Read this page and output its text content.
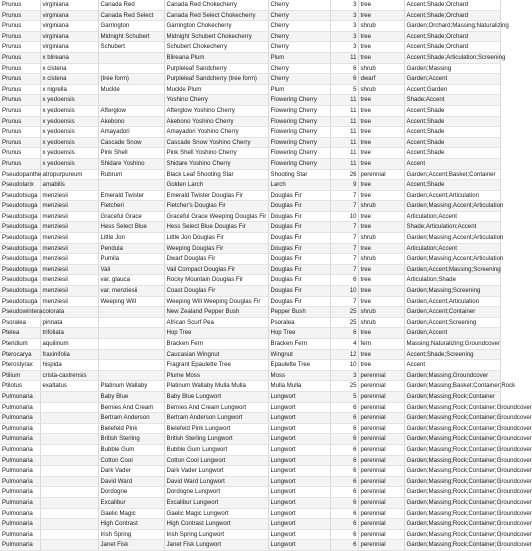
Prunus	virginiana	Canada Red	Canada Red Chokecherry	Cherry	3	tree	Accent;Shade;Orchard
Prunus	virginiana	Canada Red Select	Canada Red Select Chokecherry	Cherry	3	tree	Accent;Shade;Orchard
Prunus	virginiana	Garrington	Garrington Chokecherry	Cherry	3	shrub	Garden;Orchard;Massing;Naturalizing
Prunus	virginiana	Midnight Schubert	Midnight Schubert Chokecherry	Cherry	3	tree	Accent;Shade;Orchard
Prunus	virginiana	Schubert	Schubert Chokecherry	Cherry	3	tree	Accent;Shade;Orchard
Prunus	x blireana		Blireana Plum	Plum	11	tree	Accent;Shade;Articulation;Screening
Prunus	x cistena		Purpleleaf Sandcherry	Cherry	6	shrub	Garden;Massing
Prunus	x cistena	(tree form)	Purpleleaf Sandcherry (tree form)	Cherry	6	dwarf	Garden;Accent
Prunus	x nigrella	Muckle	Muckle Plum	Plum	5	shrub	Accent;Garden
Prunus	x yedoensis		Yoshino Cherry	Flowering Cherry	11	tree	Shade;Accent
Prunus	x yedoensis	Afterglow	Afterglow Yoshino Cherry	Flowering Cherry	11	tree	Accent;Shade
Prunus	x yedoensis	Akebono	Akebono Yoshino Cherry	Flowering Cherry	11	tree	Accent;Shade
Prunus	x yedoensis	Amayadori	Amayadori Yoshino Cherry	Flowering Cherry	11	tree	Accent;Shade
Prunus	x yedoensis	Cascade Snow	Cascade Snow Yoshino Cherry	Flowering Cherry	11	tree	Accent;Shade
Prunus	x yedoensis	Pink Shell	Pink Shell Yoshino Cherry	Flowering Cherry	11	tree	Accent;Shade
Prunus	x yedoensis	Shidare Yoshino	Shidare Yoshino Cherry	Flowering Cherry	11	tree	Accent
Pseudopanthe	atropurpureum	Rubrum	Black Leaf Shooting Star	Shooting Star	26	perennial	Garden;Accent;Basket;Container
Pseudolarix	amabilis		Golden Larch	Larch	9	tree	Accent;Shade
Pseudotsuga	menziesii	Emerald Twister	Emerald Twister Douglas Fir	Douglas Fir	7	tree	Garden;Accent;Articulation
Pseudotsuga	menziesii	Fletcheri	Fletcher's Douglas Fir	Douglas Fir	7	shrub	Garden;Massing;Accent;Articulation
Pseudotsuga	menziesii	Graceful Grace	Graceful Grace Weeping Douglas Fir	Douglas Fir	10	tree	Articulation;Accent
Pseudotsuga	menziesii	Hess Select Blue	Hess Select Blue Douglas Fir	Douglas Fir	7	tree	Shade;Articulation;Accent
Pseudotsuga	menziesii	Little Jon	Little Jon Douglas Fir	Douglas Fir	7	shrub	Garden;Massing;Accent;Articulation
Pseudotsuga	menziesii	Pendula	Weeping Douglas Fir	Douglas Fir	7	tree	Articulation;Accent
Pseudotsuga	menziesii	Pumila	Dwarf Douglas Fir	Douglas Fir	7	shrub	Garden;Massing;Accent;Articulation
Pseudotsuga	menziesii	Vail	Vail Compact Douglas Fir	Douglas Fir	7	tree	Garden;Accent;Massing;Screening
Pseudotsuga	menziesii	var. glauca	Rocky Mountain Douglas Fir	Douglas Fir	6	tree	Articulation;Shade
Pseudotsuga	menziesii	var. menziesii	Coast Douglas Fir	Douglas Fir	10	tree	Garden;Massing;Screening
Pseudotsuga	menziesii	Weeping Will	Weeping Will Weeping Douglas Fir	Douglas Fir	7	tree	Garden;Accent;Articulation
Pseudowintera	colorata		New Zealand Pepper Bush	Pepper Bush	25	shrub	Garden;Accent;Container
Psoralea	pinnata		African Scurf Pea	Psoralea	25	shrub	Garden;Accent;Screening
Ptelea	trifoliata		Hop Tree	Hop Tree	6	tree	Garden;Accent
Pteridium	aquilinum		Bracken Fern	Bracken Fern	4	fern	Massing;Naturalizing;Groundcover
Pterocarya	fraxinifolia		Caucasian Wingnut	Wingnut	12	tree	Accent;Shade;Screening
Pterostyrax	hispida		Fragrant Epaulette Tree	Epaulette Tree	10	tree	Accent
Ptilium	crista-castrensis		Plume Moss	Moss	3	perennial	Garden;Massing;Groundcover
Ptilotus	exaltatus	Platinum Wallaby	Platinum Wallaby Mulla Mulla	Mulla Mulla	25	perennial	Garden;Massing;Basket;Container;Rock
Pulmonaria		Baby Blue	Baby Blue Lungwort	Lungwort	5	perennial	Garden;Massing;Rock;Container
Pulmonaria		Bernies And Cream	Bernies And Cream Lungwort	Lungwort	6	perennial	Garden;Massing;Rock;Container;Groundcover
Pulmonaria		Bertram Anderson	Bertram Anderson Lungwort	Lungwort	6	perennial	Garden;Massing;Rock;Container;Groundcover
Pulmonaria		Bielefeld Pink	Bielefeld Pink Lungwort	Lungwort	6	perennial	Garden;Massing;Rock;Container;Groundcover
Pulmonaria		British Sterling	British Sterling Lungwort	Lungwort	6	perennial	Garden;Massing;Rock;Container;Groundcover
Pulmonaria		Bubble Gum	Bubble Gum Lungwort	Lungwort	6	perennial	Garden;Massing;Rock;Container;Groundcover
Pulmonaria		Cotton Cool	Cotton Cool Lungwort	Lungwort	6	perennial	Garden;Massing;Rock;Container;Groundcover
Pulmonaria		Dark Vader	Dark Vader Lungwort	Lungwort	6	perennial	Garden;Massing;Rock;Container;Groundcover
Pulmonaria		David Ward	David Ward Lungwort	Lungwort	6	perennial	Garden;Massing;Rock;Container;Groundcover
Pulmonaria		Dordogne	Dordogne Lungwort	Lungwort	6	perennial	Garden;Massing;Rock;Container;Groundcover
Pulmonaria		Excalibur	Excalibur Lungwort	Lungwort	6	perennial	Garden;Massing;Rock;Container;Groundcover
Pulmonaria		Gaelic Magic	Gaelic Magic Lungwort	Lungwort	6	perennial	Garden;Massing;Rock;Container;Groundcover
Pulmonaria		High Contrast	High Contrast Lungwort	Lungwort	6	perennial	Garden;Massing;Rock;Container;Groundcover
Pulmonaria		Irish Spring	Irish Spring Lungwort	Lungwort	6	perennial	Garden;Massing;Rock;Container;Groundcover
Pulmonaria		Janet Fisk	Janet Fisk Lungwort	Lungwort	6	perennial	Garden;Massing;Rock;Container;Groundcover
